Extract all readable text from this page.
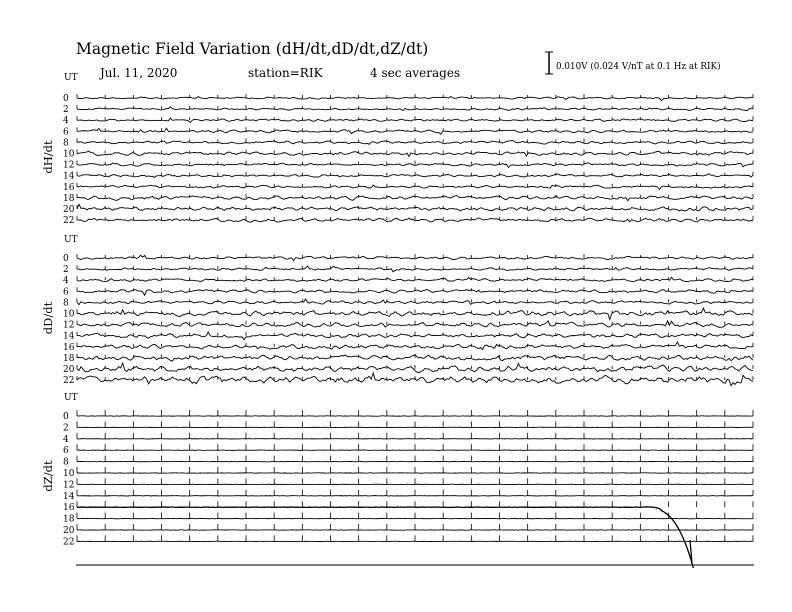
Magnetic Field Variation (dH/dt,dD/dt,dZ/dt)
Jul. 11, 2020	station=RIK	4 sec averages	0.010V (0.024 V/nT at 0.1 Hz at RIK)
UT
dH/dt
0
2
4
6
8
10
12
14
16
18
20
22
UT
dD/dt
0
2
4
6
8
10
12
14
16
18
20
22
UT
dZ/dt
0
2
4
6
8
10
12
14
16
18
20
22
